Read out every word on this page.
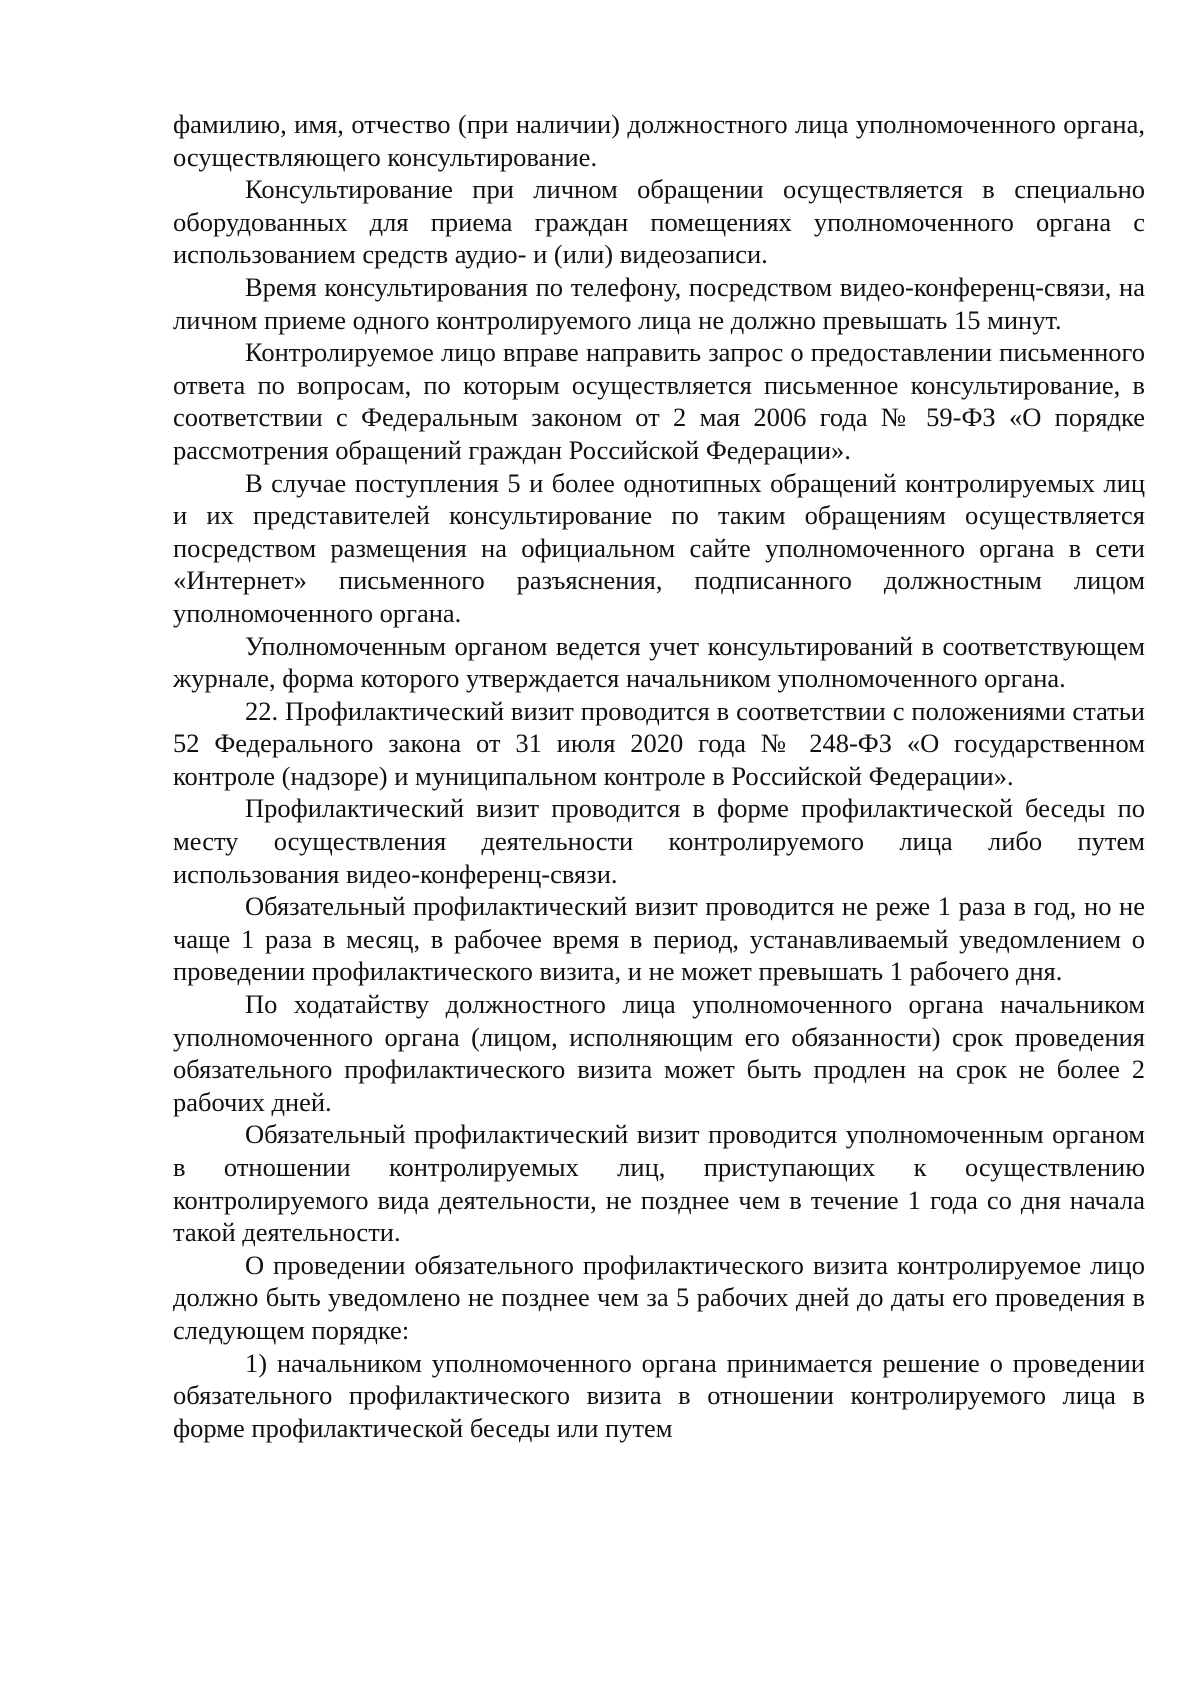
фамилию, имя, отчество (при наличии) должностного лица уполномоченного органа, осуществляющего консультирование.

Консультирование при личном обращении осуществляется в специально оборудованных для приема граждан помещениях уполномоченного органа с использованием средств аудио- и (или) видеозаписи.

Время консультирования по телефону, посредством видео-конференц-связи, на личном приеме одного контролируемого лица не должно превышать 15 минут.

Контролируемое лицо вправе направить запрос о предоставлении письменного ответа по вопросам, по которым осуществляется письменное консультирование, в соответствии с Федеральным законом от 2 мая 2006 года № 59-ФЗ «О порядке рассмотрения обращений граждан Российской Федерации».

В случае поступления 5 и более однотипных обращений контролируемых лиц и их представителей консультирование по таким обращениям осуществляется посредством размещения на официальном сайте уполномоченного органа в сети «Интернет» письменного разъяснения, подписанного должностным лицом уполномоченного органа.

Уполномоченным органом ведется учет консультирований в соответствующем журнале, форма которого утверждается начальником уполномоченного органа.

22. Профилактический визит проводится в соответствии с положениями статьи 52 Федерального закона от 31 июля 2020 года № 248-ФЗ «О государственном контроле (надзоре) и муниципальном контроле в Российской Федерации».

Профилактический визит проводится в форме профилактической беседы по месту осуществления деятельности контролируемого лица либо путем использования видео-конференц-связи.

Обязательный профилактический визит проводится не реже 1 раза в год, но не чаще 1 раза в месяц, в рабочее время в период, устанавливаемый уведомлением о проведении профилактического визита, и не может превышать 1 рабочего дня.

По ходатайству должностного лица уполномоченного органа начальником уполномоченного органа (лицом, исполняющим его обязанности) срок проведения обязательного профилактического визита может быть продлен на срок не более 2 рабочих дней.

Обязательный профилактический визит проводится уполномоченным органом в отношении контролируемых лиц, приступающих к осуществлению контролируемого вида деятельности, не позднее чем в течение 1 года со дня начала такой деятельности.

О проведении обязательного профилактического визита контролируемое лицо должно быть уведомлено не позднее чем за 5 рабочих дней до даты его проведения в следующем порядке:

1) начальником уполномоченного органа принимается решение о проведении обязательного профилактического визита в отношении контролируемого лица в форме профилактической беседы или путем
